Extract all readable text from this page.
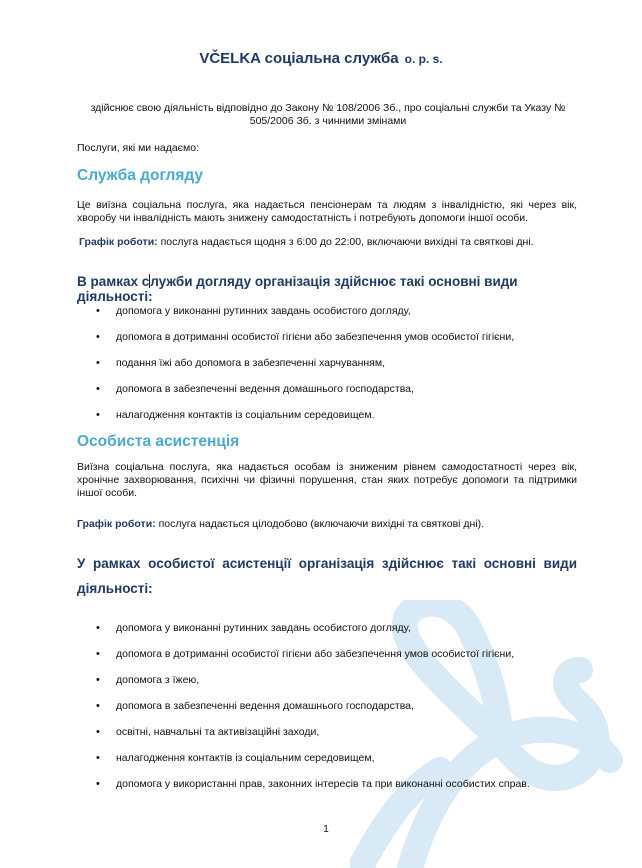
VČELKA соціальна служба o. p. s.
здійснює свою діяльність відповідно до Закону № 108/2006 Зб., про соціальні служби та Указу № 505/2006 Зб. з чинними змінами
Послуги, які ми надаємо:
Служба догляду
Це виїзна соціальна послуга, яка надається пенсіонерам та людям з інвалідністю, які через вік, хворобу чи інвалідність мають знижену самодостатність і потребують допомоги іншої особи.
Графік роботи: послуга надається щодня з 6:00 до 22:00, включаючи вихідні та святкові дні.
В рамках служби догляду організація здійснює такі основні види діяльності:
• допомога у виконанні рутинних завдань особистого догляду,
• допомога в дотриманні особистої гігієни або забезпечення умов особистої гігієни,
• подання їжі або допомога в забезпеченні харчуванням,
• допомога в забезпеченні ведення домашнього господарства,
• налагодження контактів із соціальним середовищем.
Особиста асистенція
Виїзна соціальна послуга, яка надається особам із зниженим рівнем самодостатності через вік, хронічне захворювання, психічні чи фізичні порушення, стан яких потребує допомоги та підтримки іншої особи.
Графік роботи: послуга надається цілодобово (включаючи вихідні та святкові дні).
У рамках особистої асистенції організація здійснює такі основні види
діяльності:
• допомога у виконанні рутинних завдань особистого догляду,
• допомога в дотриманні особистої гігієни або забезпечення умов особистої гігієни,
• допомога з їжею,
• допомога в забезпеченні ведення домашнього господарства,
• освітні, навчальні та активізаційні заходи,
• налагодження контактів із соціальним середовищем,
• допомога у використанні прав, законних інтересів та при виконанні особистих справ.
1
